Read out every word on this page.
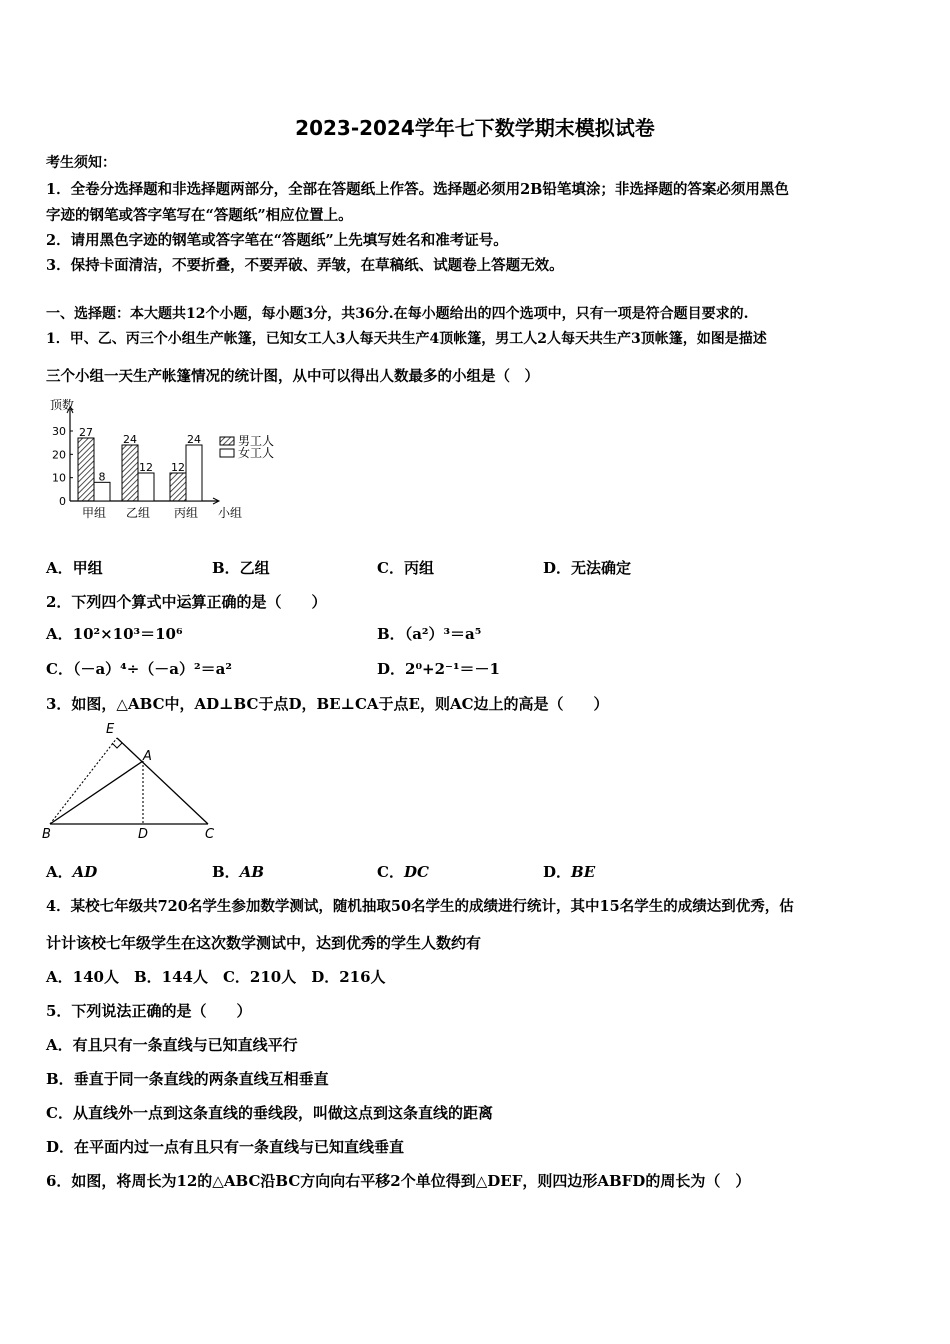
2023-2024学年七下数学期末模拟试卷
考生须知：
1．全卷分选择题和非选择题两部分，全部在答题纸上作答。选择题必须用2B铅笔填涂；非选择题的答案必须用黑色
字迹的钢笔或答字笔写在“答题纸”相应位置上。
2．请用黑色字迹的钢笔或答字笔在“答题纸”上先填写姓名和准考证号。
3．保持卡面清洁，不要折叠，不要弄破、弄皱，在草稿纸、试题卷上答题无效。
一、选择题：本大题共12个小题，每小题3分，共36分.在每小题给出的四个选项中，只有一项是符合题目要求的.
1．甲、乙、丙三个小组生产帐篷，已知女工人3人每天共生产4顶帐篷，男工人2人每天共生产3顶帐篷，如图是描述
三个小组一天生产帐篷情况的统计图，从中可以得出人数最多的小组是（　）
顶数
小组
0
10
20
30 27
8
甲组
24
12
乙组
12
24
丙组
男工人
女工人
A．甲组	B．乙组	C．丙组	D．无法确定
2．下列四个算式中运算正确的是（　　）
A．10²×10³＝10⁶	B．（a²）³＝a⁵
C．（－a）⁴÷（－a）²＝a²	D．2⁰+2⁻¹＝－1
3．如图，△ABC中，AD⊥BC于点D，BE⊥CA于点E，则AC边上的高是（　　）
E
A
B	D	C
A．AD	B．AB	C．DC	D．BE
4．某校七年级共720名学生参加数学测试，随机抽取50名学生的成绩进行统计，其中15名学生的成绩达到优秀，估
计计该校七年级学生在这次数学测试中，达到优秀的学生人数约有
A．140人　B．144人　C．210人　D．216人
5．下列说法正确的是（　　）
A．有且只有一条直线与已知直线平行
B．垂直于同一条直线的两条直线互相垂直
C．从直线外一点到这条直线的垂线段，叫做这点到这条直线的距离
D．在平面内过一点有且只有一条直线与已知直线垂直
6．如图，将周长为12的△ABC沿BC方向向右平移2个单位得到△DEF，则四边形ABFD的周长为（　）
